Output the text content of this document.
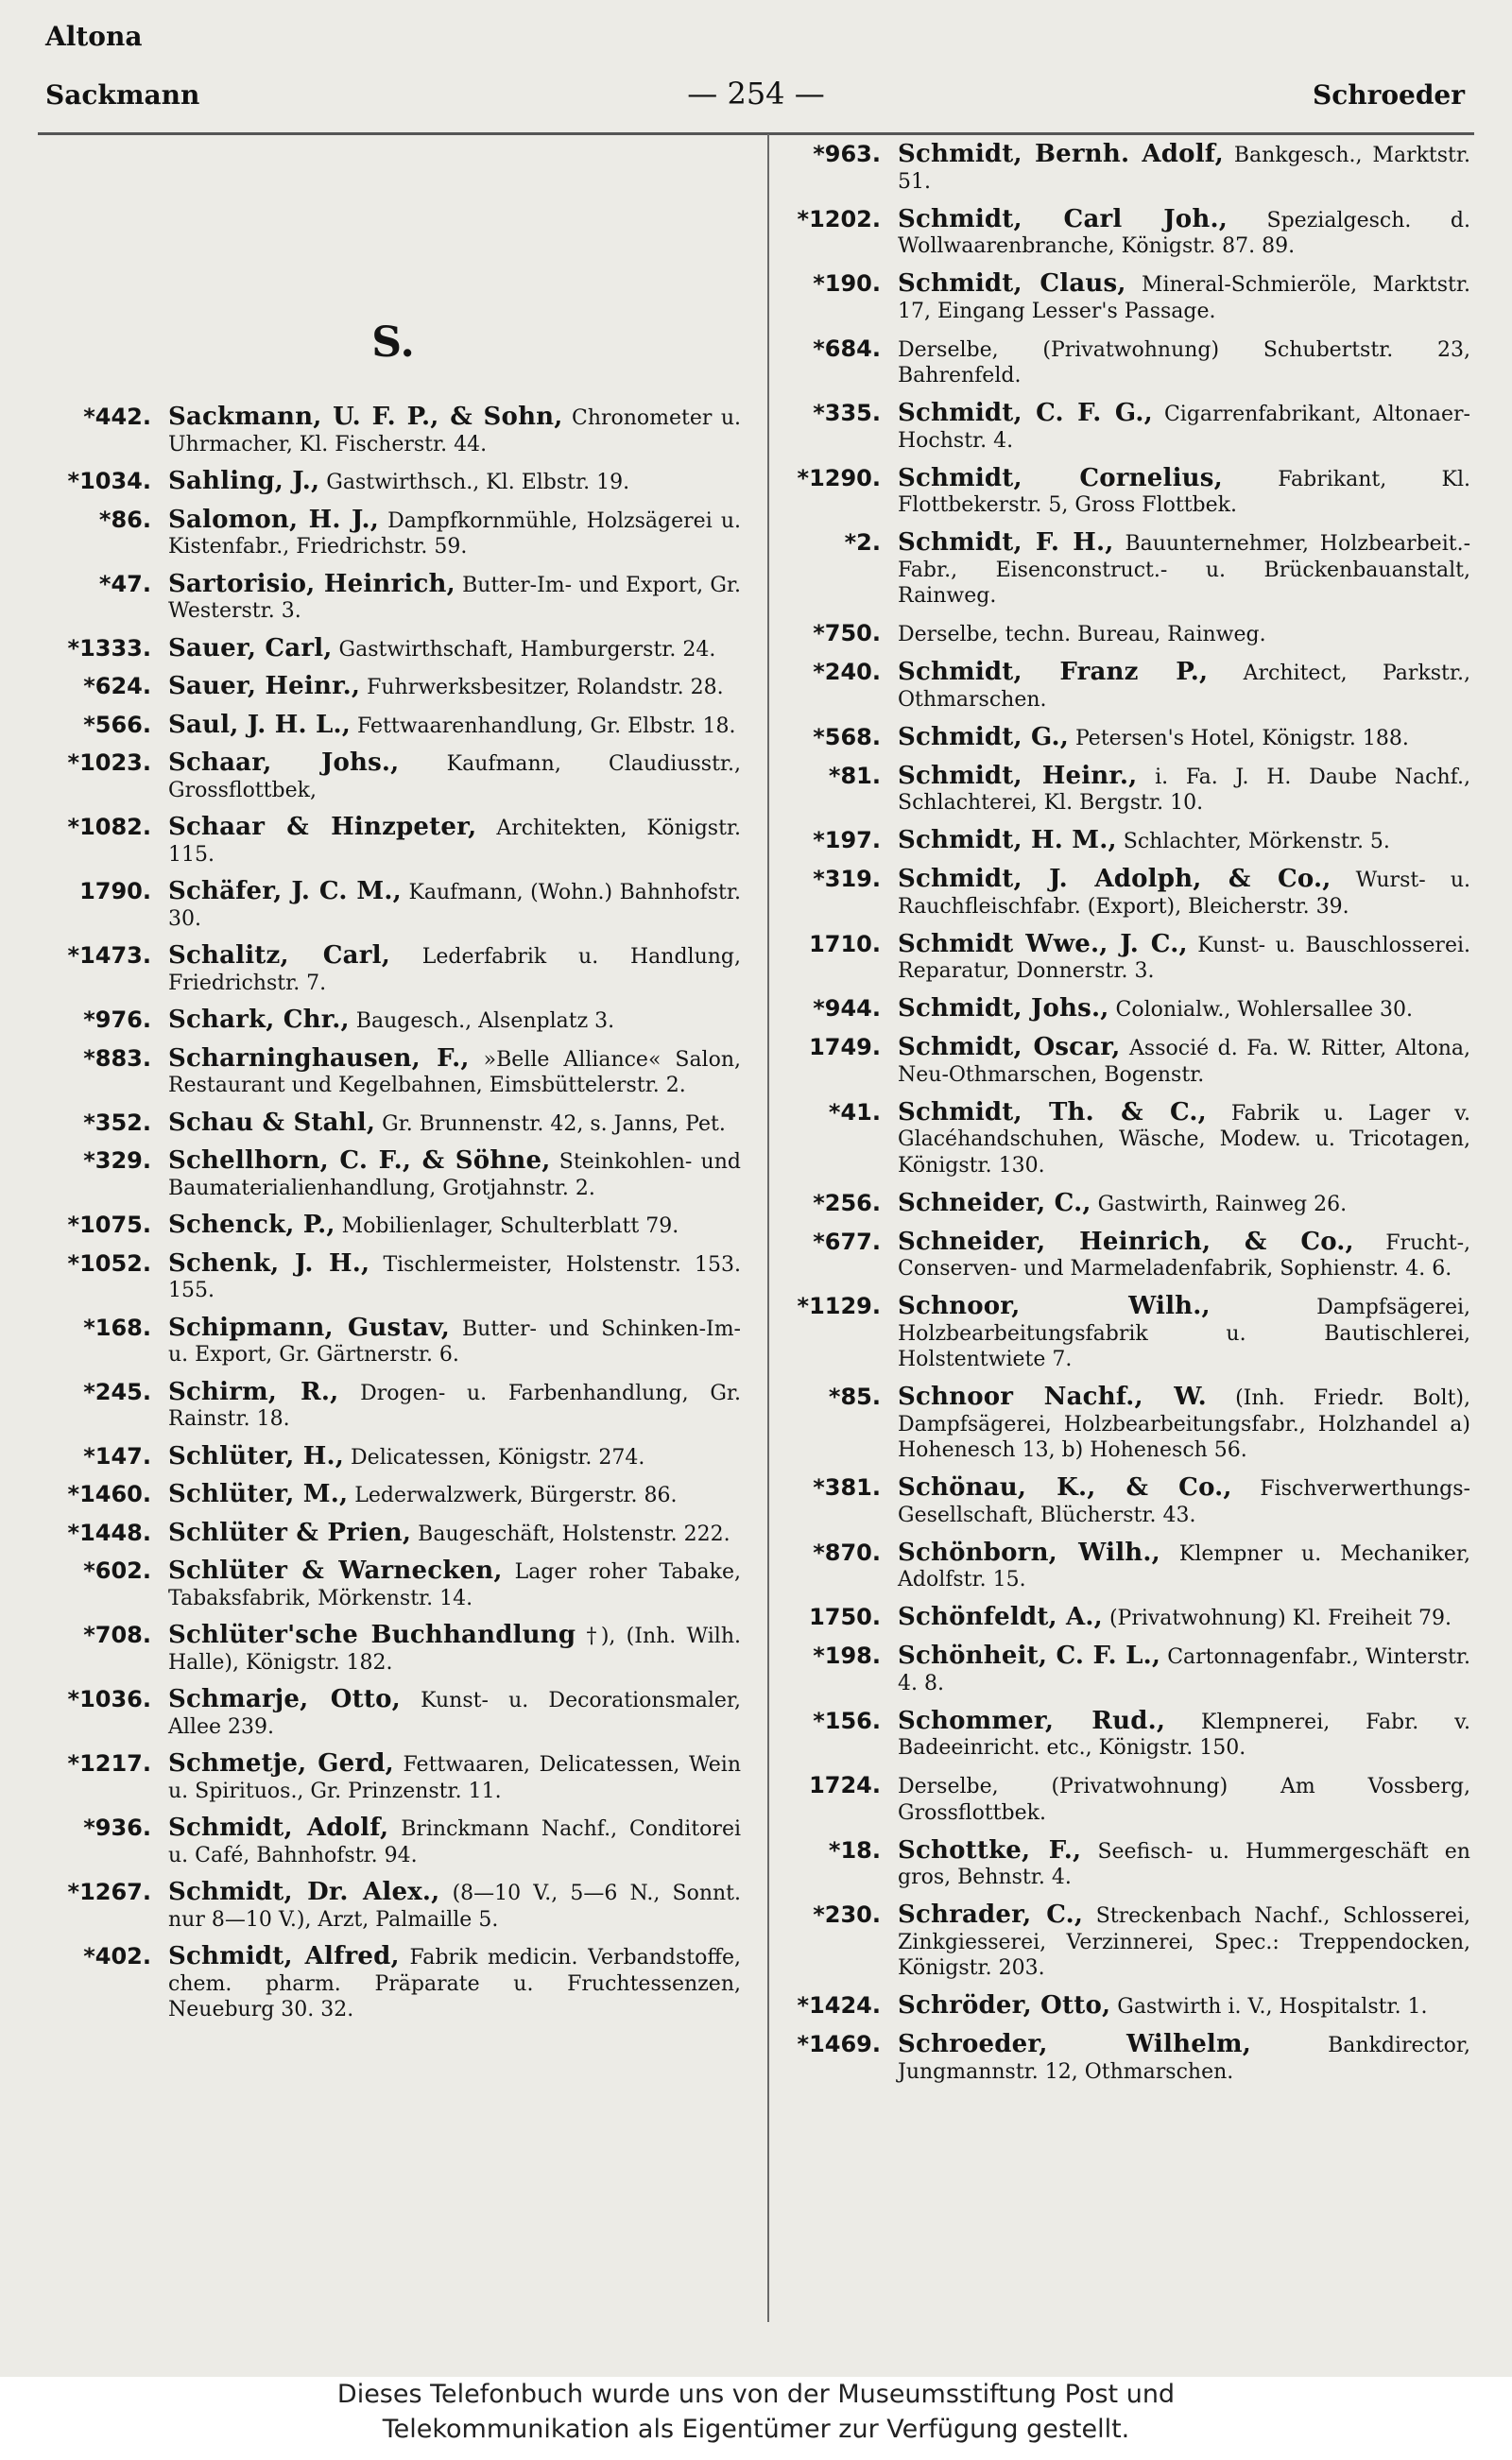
Altona
Sackmann	— 254 —	Schroeder
S.
*442. Sackmann, U. F. P., & Sohn, Chronometer u. Uhrmacher, Kl. Fischerstr. 44.
*1034. Sahling, J., Gastwirthsch., Kl. Elbstr. 19.
*86. Salomon, H. J., Dampfkornmühle, Holzsägerei u. Kistenfabr., Friedrichstr. 59.
*47. Sartorisio, Heinrich, Butter-Im- und Export, Gr. Westerstr. 3.
*1333. Sauer, Carl, Gastwirthschaft, Hamburgerstr. 24.
*624. Sauer, Heinr., Fuhrwerksbesitzer, Rolandstr. 28.
*566. Saul, J. H. L., Fettwaarenhandlung, Gr. Elbstr. 18.
*1023. Schaar, Johs., Kaufmann, Claudiusstr., Grossflottbek,
*1082. Schaar & Hinzpeter, Architekten, Königstr. 115.
1790. Schäfer, J. C. M., Kaufmann, (Wohn.) Bahnhofstr. 30.
*1473. Schalitz, Carl, Lederfabrik u. Handlung, Friedrichstr. 7.
*976. Schark, Chr., Baugesch., Alsenplatz 3.
*883. Scharninghausen, F., »Belle Alliance« Salon, Restaurant und Kegelbahnen, Eimsbüttelerstr. 2.
*352. Schau & Stahl, Gr. Brunnenstr. 42, s. Janns, Pet.
*329. Schellhorn, C. F., & Söhne, Steinkohlen- und Baumaterialienhandlung, Grotjahnstr. 2.
*1075. Schenck, P., Mobilienlager, Schulterblatt 79.
*1052. Schenk, J. H., Tischlermeister, Holstenstr. 153. 155.
*168. Schipmann, Gustav, Butter- und Schinken-Im- u. Export, Gr. Gärtnerstr. 6.
*245. Schirm, R., Drogen- u. Farbenhandlung, Gr. Rainstr. 18.
*147. Schlüter, H., Delicatessen, Königstr. 274.
*1460. Schlüter, M., Lederwalzwerk, Bürgerstr. 86.
*1448. Schlüter & Prien, Baugeschäft, Holstenstr. 222.
*602. Schlüter & Warnecken, Lager roher Tabake, Tabaksfabrik, Mörkenstr. 14.
*708. Schlüter'sche Buchhandlung †), (Inh. Wilh. Halle), Königstr. 182.
*1036. Schmarje, Otto, Kunst- u. Decorationsmaler, Allee 239.
*1217. Schmetje, Gerd, Fettwaaren, Delicatessen, Wein u. Spirituos., Gr. Prinzenstr. 11.
*936. Schmidt, Adolf, Brinckmann Nachf., Conditorei u. Café, Bahnhofstr. 94.
*1267. Schmidt, Dr. Alex., (8—10 V., 5—6 N., Sonnt. nur 8—10 V.), Arzt, Palmaille 5.
*402. Schmidt, Alfred, Fabrik medicin. Verbandstoffe, chem. pharm. Präparate u. Fruchtessenzen, Neueburg 30. 32.
*963. Schmidt, Bernh. Adolf, Bankgesch., Marktstr. 51.
*1202. Schmidt, Carl Joh., Spezialgesch. d. Wollwaarenbranche, Königstr. 87. 89.
*190. Schmidt, Claus, Mineral-Schmieröle, Marktstr. 17, Eingang Lesser's Passage.
*684. Derselbe, (Privatwohnung) Schubertstr. 23, Bahrenfeld.
*335. Schmidt, C. F. G., Cigarrenfabrikant, Altonaer-Hochstr. 4.
*1290. Schmidt, Cornelius,	Fabrikant, Kl. Flottbekerstr. 5, Gross Flottbek.
*2. Schmidt, F. H., Bauunternehmer, Holzbearbeit.-Fabr., Eisenconstruct.- u. Brückenbauanstalt, Rainweg.
*750. Derselbe, techn. Bureau, Rainweg.
*240. Schmidt, Franz P., Architect, Parkstr., Othmarschen.
*568. Schmidt, G., Petersen's Hotel, Königstr. 188.
*81. Schmidt, Heinr., i. Fa. J. H. Daube Nachf., Schlachterei, Kl. Bergstr. 10.
*197. Schmidt, H. M., Schlachter, Mörkenstr. 5.
*319. Schmidt, J. Adolph, & Co., Wurst- u. Rauchfleischfabr. (Export), Bleicherstr. 39.
1710. Schmidt Wwe., J. C., Kunst- u. Bauschlosserei. Reparatur, Donnerstr. 3.
*944. Schmidt, Johs., Colonialw., Wohlersallee 30.
1749. Schmidt, Oscar, Associé d. Fa. W. Ritter, Altona, Neu-Othmarschen, Bogenstr.
*41. Schmidt, Th. & C., Fabrik u. Lager v. Glacéhandschuhen, Wäsche, Modew. u. Tricotagen, Königstr. 130.
*256. Schneider, C., Gastwirth, Rainweg 26.
*677. Schneider, Heinrich, & Co., Frucht-, Conserven- und Marmeladenfabrik, Sophienstr. 4. 6.
*1129. Schnoor, Wilh.,	Dampfsägerei, Holzbearbeitungsfabrik u. Bautischlerei, Holstentwiete 7.
*85. Schnoor Nachf., W. (Inh. Friedr. Bolt), Dampfsägerei, Holzbearbeitungsfabr., Holzhandel a) Hohenesch 13, b) Hohenesch 56.
*381. Schönau, K., & Co., Fischverwerthungs-Gesellschaft, Blücherstr. 43.
*870. Schönborn, Wilh., Klempner u. Mechaniker, Adolfstr. 15.
1750. Schönfeldt, A., (Privatwohnung) Kl. Freiheit 79.
*198. Schönheit, C. F. L., Cartonnagenfabr., Winterstr. 4. 8.
*156. Schommer, Rud., Klempnerei, Fabr. v. Badeeinricht. etc., Königstr. 150.
1724. Derselbe, (Privatwohnung) Am Vossberg, Grossflottbek.
*18. Schottke, F., Seefisch- u. Hummergeschäft en gros, Behnstr. 4.
*230. Schrader, C., Streckenbach Nachf., Schlosserei, Zinkgiesserei, Verzinnerei, Spec.: Treppendocken, Königstr. 203.
*1424. Schröder, Otto, Gastwirth i. V., Hospitalstr. 1.
*1469. Schroeder, Wilhelm,	Bankdirector, Jungmannstr. 12, Othmarschen.
Dieses Telefonbuch wurde uns von der Museumsstiftung Post und
Telekommunikation als Eigentümer zur Verfügung gestellt.
